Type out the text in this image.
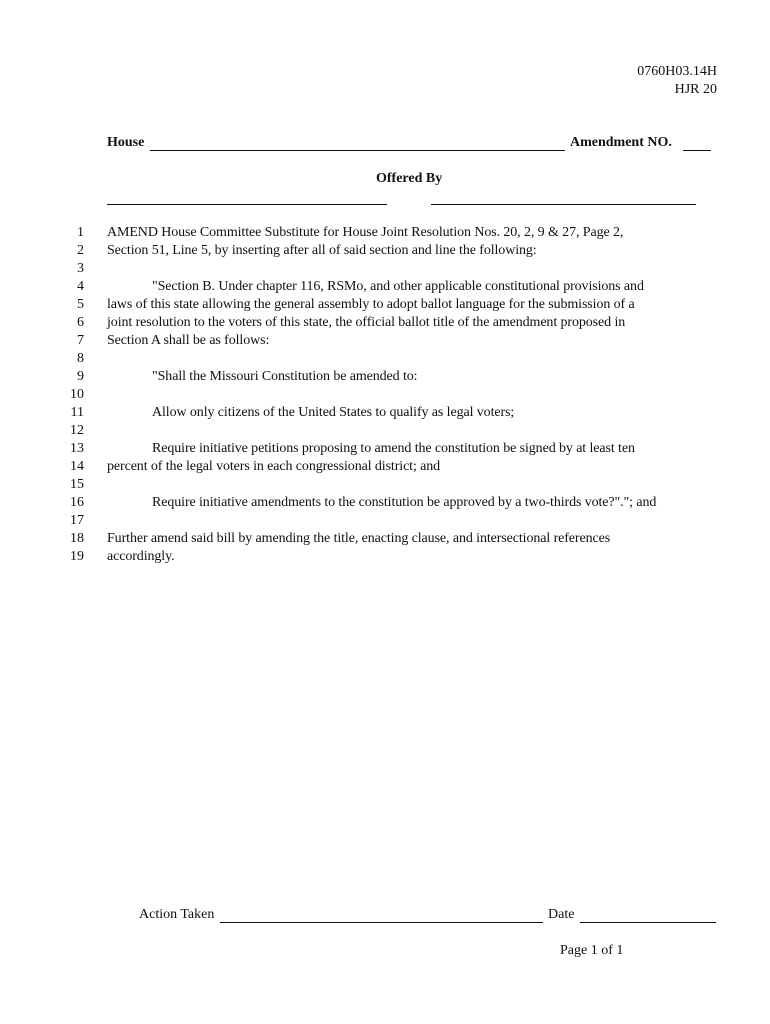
0760H03.14H
HJR 20
House	Amendment NO.
Offered By
1
2
3
4
5
6
7
8
9
10
11
12
13
14
15
16
17
18
19
AMEND House Committee Substitute for House Joint Resolution Nos. 20, 2, 9 & 27, Page 2,
Section 51, Line 5, by inserting after all of said section and line the following:
"Section B. Under chapter 116, RSMo, and other applicable constitutional provisions and
laws of this state allowing the general assembly to adopt ballot language for the submission of a
joint resolution to the voters of this state, the official ballot title of the amendment proposed in
Section A shall be as follows:
"Shall the Missouri Constitution be amended to:
Allow only citizens of the United States to qualify as legal voters;
Require initiative petitions proposing to amend the constitution be signed by at least ten
percent of the legal voters in each congressional district; and
Require initiative amendments to the constitution be approved by a two-thirds vote?"."; and
Further amend said bill by amending the title, enacting clause, and intersectional references
accordingly.
Action Taken	Date
Page 1 of 1
